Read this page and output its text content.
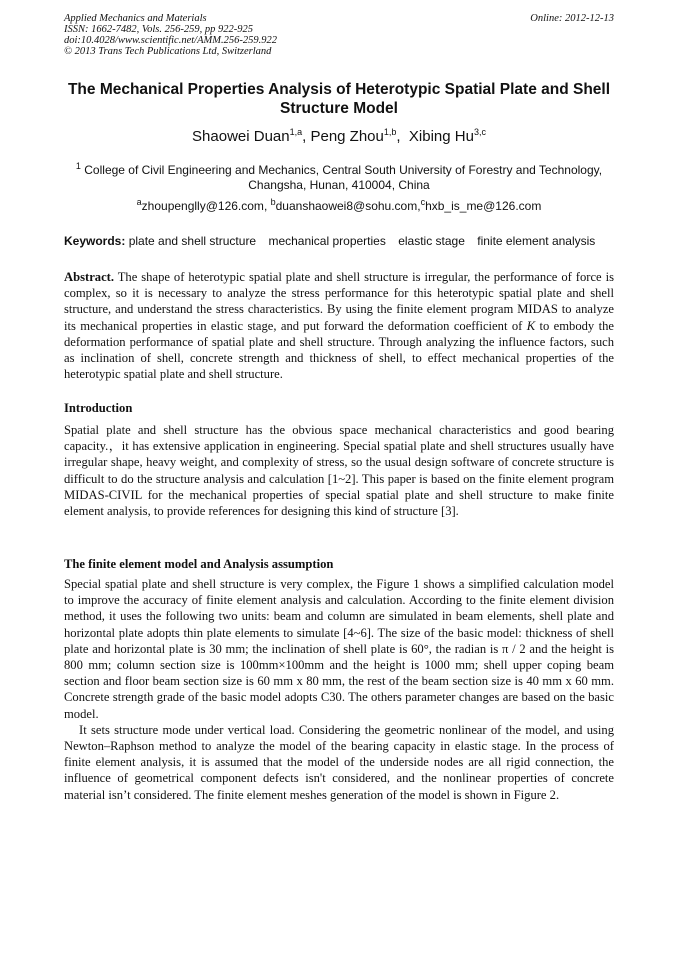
Applied Mechanics and Materials
ISSN: 1662-7482, Vols. 256-259, pp 922-925
doi:10.4028/www.scientific.net/AMM.256-259.922
© 2013 Trans Tech Publications Ltd, Switzerland
Online: 2012-12-13
The Mechanical Properties Analysis of Heterotypic Spatial Plate and Shell Structure Model
Shaowei Duan$^{1,a}$, Peng Zhou$^{1,b}$,  Xibing Hu$^{3,c}$
$^1$ College of Civil Engineering and Mechanics, Central South University of Forestry and Technology, Changsha, Hunan, 410004, China
$^a$zhoupenglly@126.com, $^b$duanshaowei8@sohu.com,$^c$hxb_is_me@126.com
Keywords: plate and shell structure mechanical properties elastic stage finite element analysis
Abstract. The shape of heterotypic spatial plate and shell structure is irregular, the performance of force is complex, so it is necessary to analyze the stress performance for this heterotypic spatial plate and shell structure, and understand the stress characteristics. By using the finite element program MIDAS to analyze its mechanical properties in elastic stage, and put forward the deformation coefficient of K to embody the deformation performance of spatial plate and shell structure. Through analyzing the influence factors, such as inclination of shell, concrete strength and thickness of shell, to effect mechanical properties of the heterotypic spatial plate and shell structure.
Introduction
Spatial plate and shell structure has the obvious space mechanical characteristics and good bearing capacity.，it has extensive application in engineering. Special spatial plate and shell structures usually have irregular shape, heavy weight, and complexity of stress, so the usual design software of concrete structure is difficult to do the structure analysis and calculation [1~2]. This paper is based on the finite element program MIDAS-CIVIL for the mechanical properties of special spatial plate and shell structure to make finite element analysis, to provide references for designing this kind of structure [3].
The finite element model and Analysis assumption

Special spatial plate and shell structure is very complex, the Figure 1 shows a simplified calculation model to improve the accuracy of finite element analysis and calculation. According to the finite element division method, it uses the following two units: beam and column are simulated in beam elements, shell plate and horizontal plate adopts thin plate elements to simulate [4~6]. The size of the basic model: thickness of shell plate and horizontal plate is 30 mm; the inclination of shell plate is 60°, the radian is π / 2 and the height is 800 mm; column section size is 100mm×100mm and the height is 1000 mm; shell upper coping beam section and floor beam section size is 60 mm x 80 mm, the rest of the beam section size is 40 mm x 60 mm. Concrete strength grade of the basic model adopts C30. The others parameter changes are based on the basic model.

It sets structure mode under vertical load. Considering the geometric nonlinear of the model, and using Newton–Raphson method to analyze the model of the bearing capacity in elastic stage. In the process of finite element analysis, it is assumed that the model of the underside nodes are all rigid connection, the influence of geometrical component defects isn't considered, and the nonlinear properties of concrete material isn’t considered. The finite element meshes generation of the model is shown in Figure 2.
